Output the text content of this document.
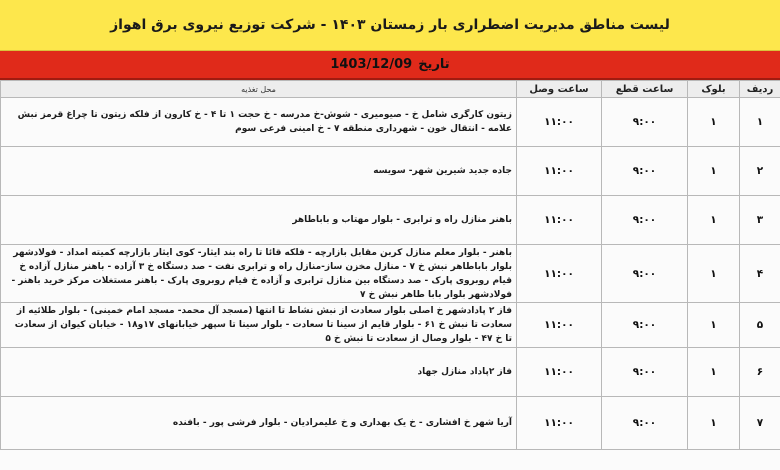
لیست مناطق مدیریت اضطراری بار زمستان ۱۴۰۳ - شرکت توزیع نیروی برق اهواز
تاریخ
1403/12/09
ردیف	بلوک	ساعت قطع	ساعت وصل	محل تغذیه
۱	۱	۹:۰۰	۱۱:۰۰	زیتون کارگری شامل خ - صیومیری - شوش-خ مدرسه - خ حجت ۱ تا ۴ - خ کارون از فلکه زیتون تا چراغ قرمز نبش علامه - انتقال خون - شهرداری منطقه ۷ - خ امینی فرعی سوم
۲	۱	۹:۰۰	۱۱:۰۰	جاده جدید شیرین شهر- سویسه
۳	۱	۹:۰۰	۱۱:۰۰	باهنر منازل راه و ترابری - بلوار مهتاب و باباطاهر
۴	۱	۹:۰۰	۱۱:۰۰	باهنر - بلوار معلم منازل کربن مقابل بازارچه - فلکه قائا تا راه بند ایثار- کوی ایثار بازارچه کمیته امداد - فولادشهر بلوار باباطاهر نبش خ ۷ - منازل مخزن ساز-منازل راه و ترابری نفت - صد دستگاه خ ۳ آزاده - باهنر منازل آزاده خ قیام روبروی پارک - صد دستگاه بین منازل ترابری و آزاده خ قیام روبروی پارک - باهنر مستغلات مرکز خرید باهنر - فولادشهر بلوار بابا طاهر نبش خ ۷
۵	۱	۹:۰۰	۱۱:۰۰	فاز ۲ پادادشهر خ اصلی بلوار سعادت از نبش نشاط تا انتها (مسجد آل محمد- مسجد امام خمینی) - بلوار طلائیه از سعادت تا نبش خ ۶۱ - بلوار قایم از سینا تا سعادت - بلوار سینا تا سپهر خیابانهای ۱۷و۱۸ - خیابان کیوان از سعادت تا خ ۴۷ - بلوار وصال از سعادت تا نبش خ ۵
۶	۱	۹:۰۰	۱۱:۰۰	فاز ۲پاداد منازل جهاد
۷	۱	۹:۰۰	۱۱:۰۰	آریا شهر خ افشاری - خ یک بهداری و خ علیمرادیان - بلوار فرشی پور - بافنده
